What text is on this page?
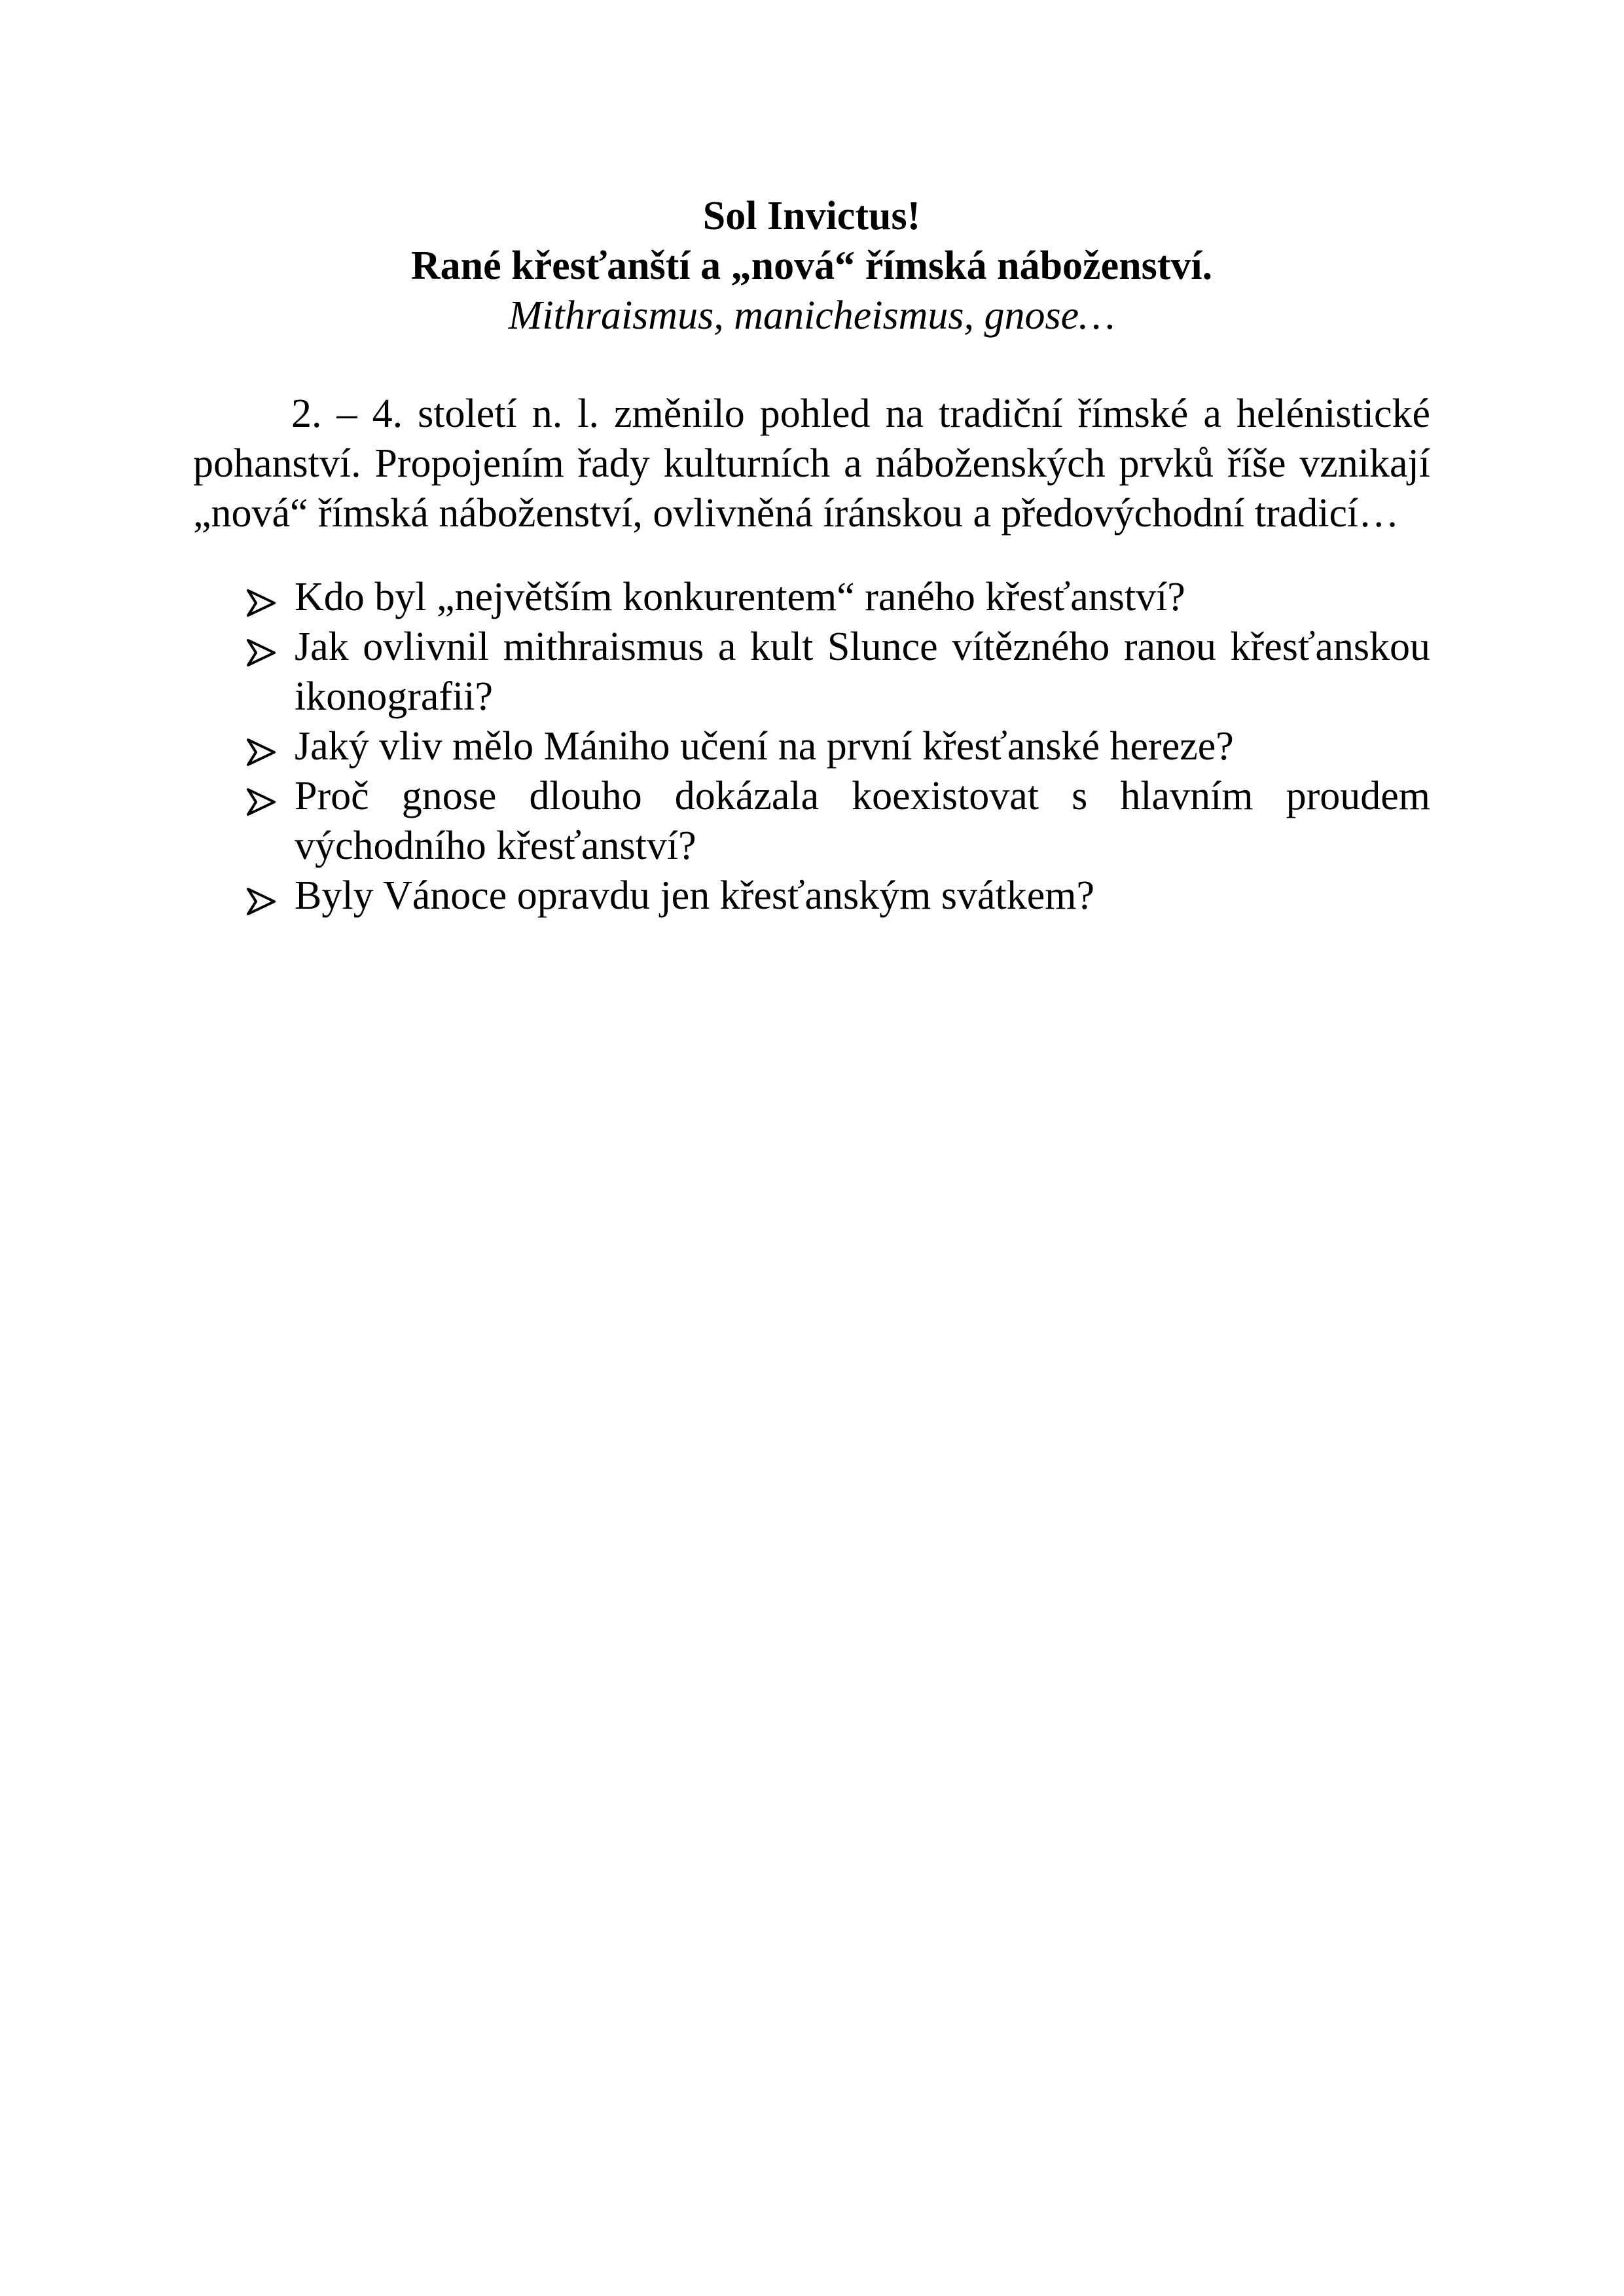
Sol Invictus!

Rané křesťanští a „nová“ římská náboženství.

Mithraismus, manicheismus, gnose…

2. – 4. století n. l. změnilo pohled na tradiční římské a helénistické pohanství. Propojením řady kulturních a náboženských prvků říše vznikají „nová“ římská náboženství, ovlivněná íránskou a předovýchodní tradicí…

Kdo byl „největším konkurentem“ raného křesťanství?
Jak ovlivnil mithraismus a kult Slunce vítězného ranou křesťanskou ikonografii?
Jaký vliv mělo Mániho učení na první křesťanské hereze?
Proč gnose dlouho dokázala koexistovat s hlavním proudem východního křesťanství?
Byly Vánoce opravdu jen křesťanským svátkem?
